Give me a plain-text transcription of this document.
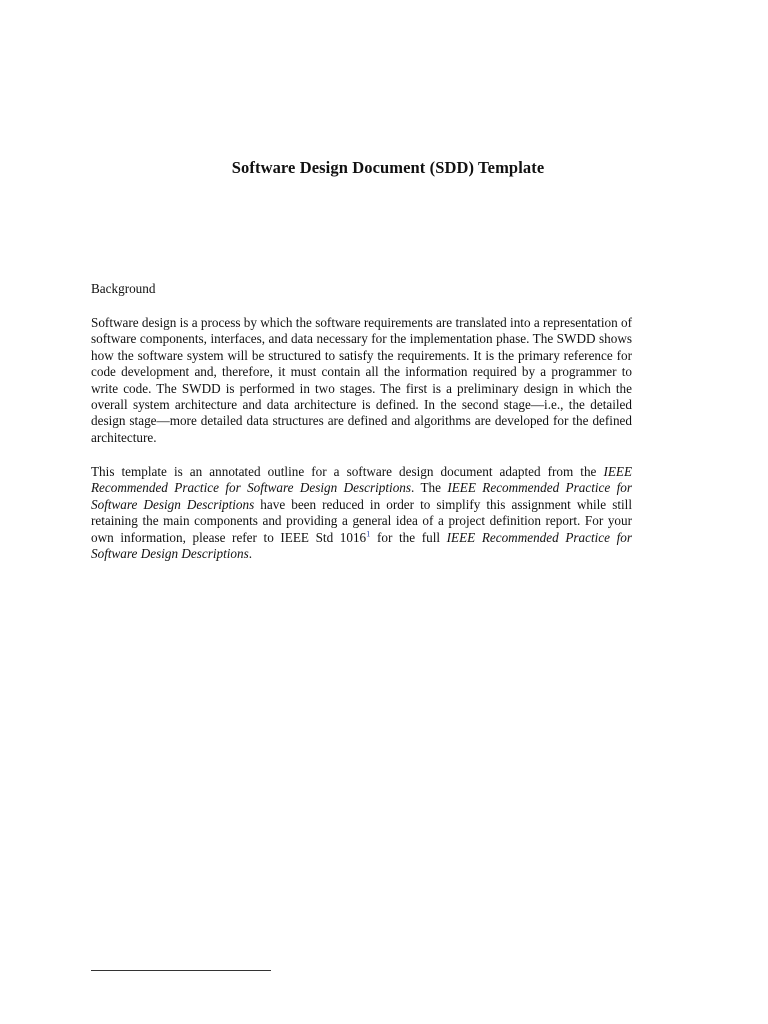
Software Design Document (SDD) Template
Background

Software design is a process by which the software requirements are translated into a representation of software components, interfaces, and data necessary for the implementation phase. The SWDD shows how the software system will be structured to satisfy the requirements. It is the primary reference for code development and, therefore, it must contain all the information required by a programmer to write code. The SWDD is performed in two stages. The first is a preliminary design in which the overall system architecture and data architecture is defined. In the second stage—i.e., the detailed design stage—more detailed data structures are defined and algorithms are developed for the defined architecture.

This template is an annotated outline for a software design document adapted from the IEEE Recommended Practice for Software Design Descriptions. The IEEE Recommended Practice for Software Design Descriptions have been reduced in order to simplify this assignment while still retaining the main components and providing a general idea of a project definition report. For your own information, please refer to IEEE Std 1016$^1$ for the full IEEE Recommended Practice for Software Design Descriptions.
